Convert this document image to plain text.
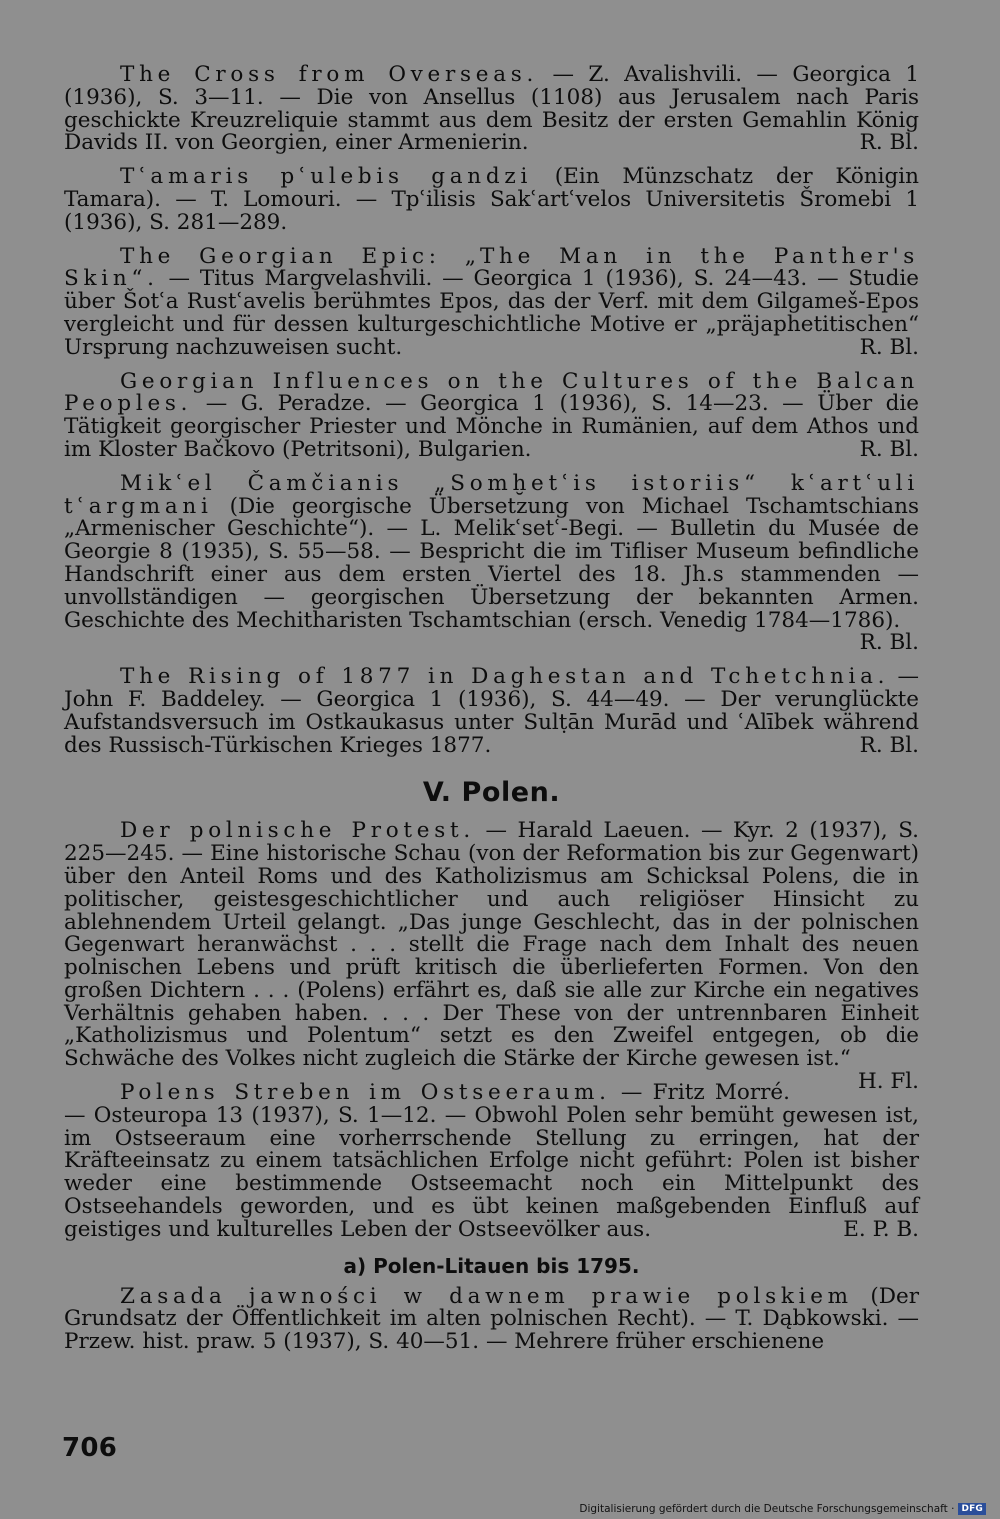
The Cross from Overseas. — Z. Avalishvili. — Georgica 1 (1936), S. 3—11. — Die von Ansellus (1108) aus Jerusalem nach Paris geschickte Kreuzreliquie stammt aus dem Besitz der ersten Gemahlin König Davids II. von Georgien, einer Armenierin.	R. Bl.

Tʿamaris pʿulebis gandzi (Ein Münzschatz der Königin Tamara). — T. Lomouri. — Tpʿilisis Sakʿartʿvelos Universitetis Šromebi 1 (1936), S. 281—289.

The Georgian Epic: „The Man in the Panther's Skin“. — Titus Margvelashvili. — Georgica 1 (1936), S. 24—43. — Studie über Šotʿa Rustʿavelis berühmtes Epos, das der Verf. mit dem Gilgameš-Epos vergleicht und für dessen kulturgeschichtliche Motive er „präjaphetitischen“ Ursprung nachzuweisen sucht.	R. Bl.

Georgian Influences on the Cultures of the Balcan Peoples. — G. Peradze. — Georgica 1 (1936), S. 14—23. — Über die Tätigkeit georgischer Priester und Mönche in Rumänien, auf dem Athos und im Kloster Bačkovo (Petritsoni), Bulgarien.	R. Bl.

Mikʿel Čamčianis „Somḫetʿis istoriis“ kʿartʿuli tʿargmani (Die georgische Übersetzung von Michael Tschamtschians „Armenischer Geschichte“). — L. Melikʿsetʿ-Begi. — Bulletin du Musée de Georgie 8 (1935), S. 55—58. — Bespricht die im Tifliser Museum befindliche Handschrift einer aus dem ersten Viertel des 18. Jh.s stammenden — unvollständigen — georgischen Übersetzung der bekannten Armen. Geschichte des Mechitharisten Tschamtschian (ersch. Venedig 1784—1786).
R. Bl.

The Rising of 1877 in Daghestan and Tchetchnia. — John F. Baddeley. — Georgica 1 (1936), S. 44—49. — Der verunglückte Aufstandsversuch im Ostkaukasus unter Sulṭān Murād und ʿAlībek während des Russisch-Türkischen Krieges 1877.	R. Bl.

V. Polen.

Der polnische Protest. — Harald Laeuen. — Kyr. 2 (1937), S. 225—245. — Eine historische Schau (von der Reformation bis zur Gegenwart) über den Anteil Roms und des Katholizismus am Schicksal Polens, die in politischer, geistesgeschichtlicher und auch religiöser Hinsicht zu ablehnendem Urteil gelangt. „Das junge Geschlecht, das in der polnischen Gegenwart heranwächst . . . stellt die Frage nach dem Inhalt des neuen polnischen Lebens und prüft kritisch die überlieferten Formen. Von den großen Dichtern . . . (Polens) erfährt es, daß sie alle zur Kirche ein negatives Verhältnis gehaben haben. . . . Der These von der untrennbaren Einheit „Katholizismus und Polentum“ setzt es den Zweifel entgegen, ob die Schwäche des Volkes nicht zugleich die Stärke der Kirche gewesen ist.“
H. Fl.

Polens Streben im Ostseeraum. — Fritz Morré. — Osteuropa 13 (1937), S. 1—12. — Obwohl Polen sehr bemüht gewesen ist, im Ostseeraum eine vorherrschende Stellung zu erringen, hat der Kräfteeinsatz zu einem tatsächlichen Erfolge nicht geführt: Polen ist bisher weder eine bestimmende Ostseemacht noch ein Mittelpunkt des Ostseehandels geworden, und es übt keinen maßgebenden Einfluß auf geistiges und kulturelles Leben der Ostseevölker aus.	E. P. B.

a) Polen-Litauen bis 1795.

Zasada jawności w dawnem prawie polskiem (Der Grundsatz der Öffentlichkeit im alten polnischen Recht). — T. Dąbkowski. — Przew. hist. praw. 5 (1937), S. 40—51. — Mehrere früher erschienene

706
Digitalisierung gefördert durch die Deutsche Forschungsgemeinschaft · DFG
